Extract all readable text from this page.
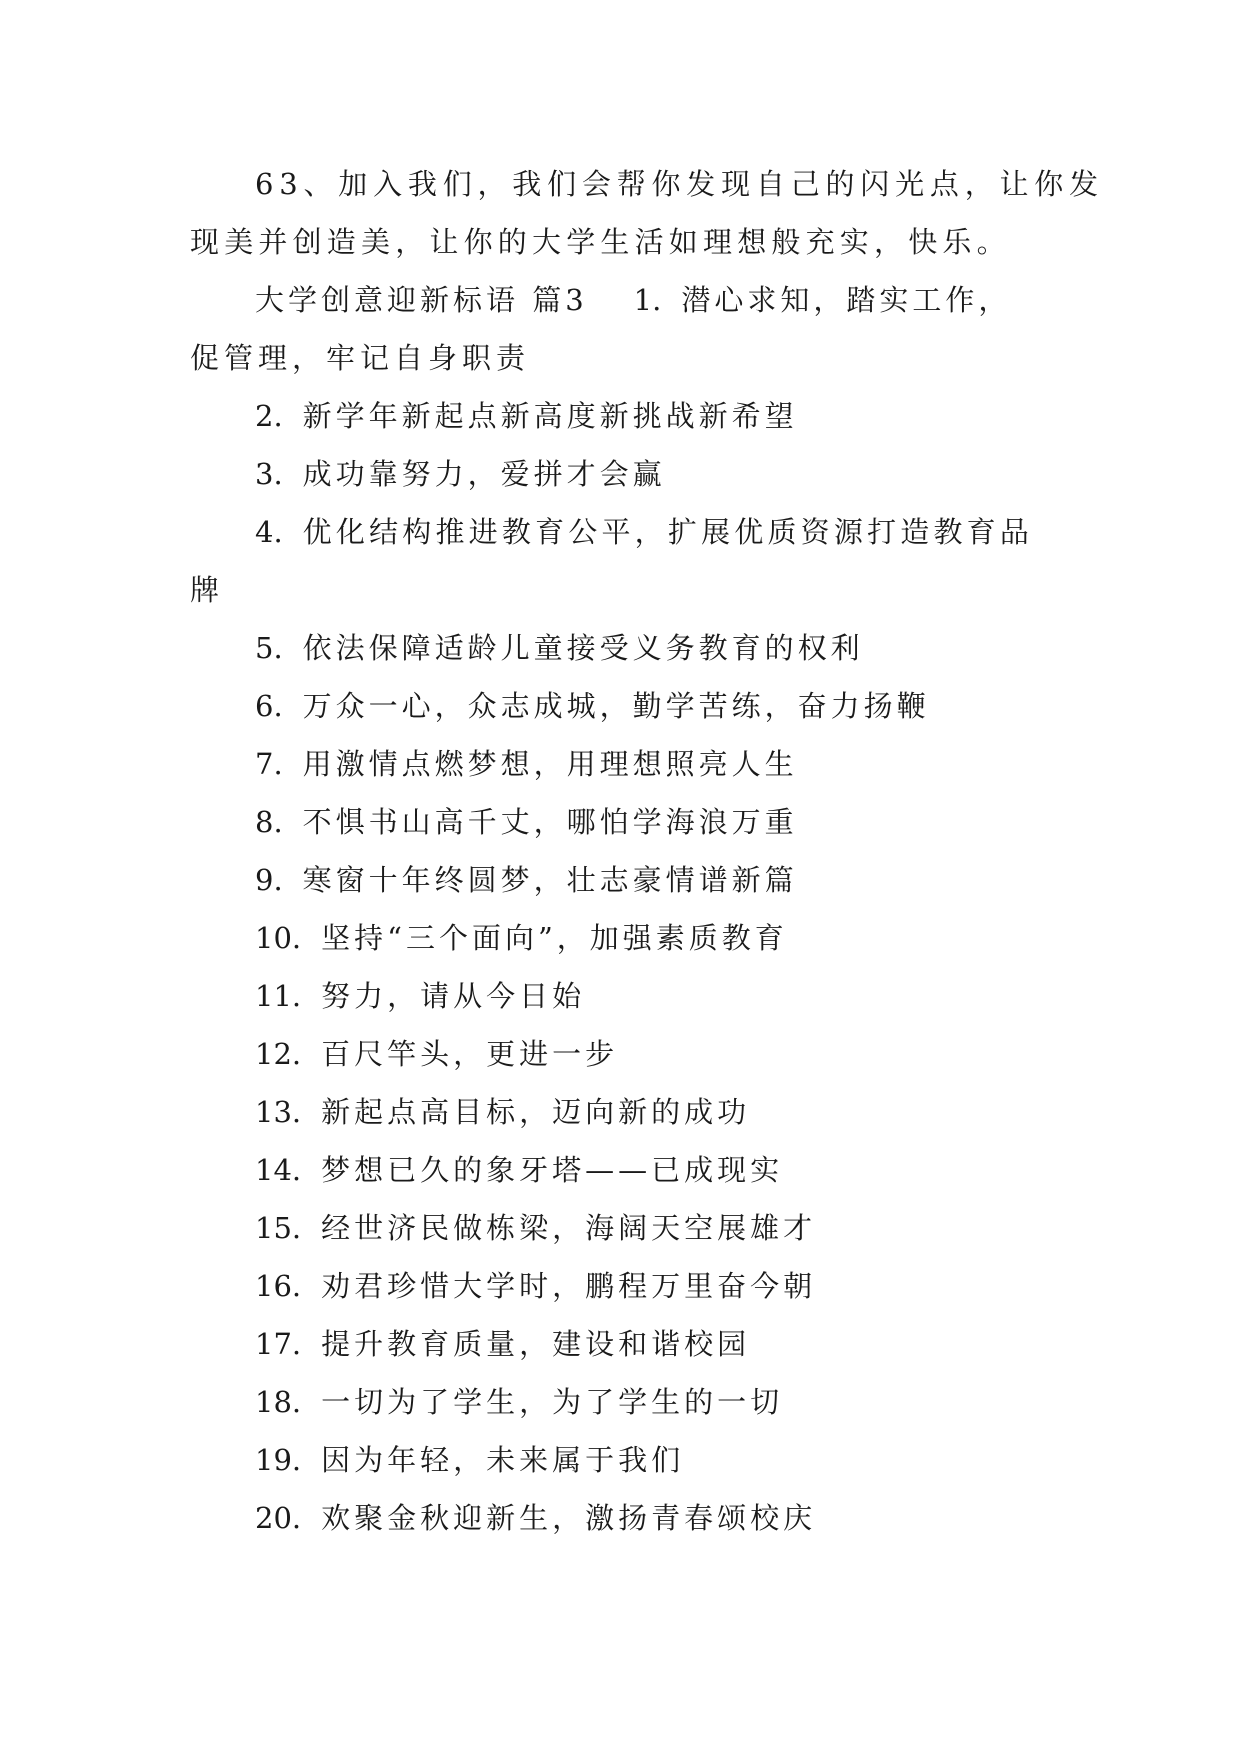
63、加入我们，我们会帮你发现自己的闪光点，让你发
现美并创造美，让你的大学生活如理想般充实，快乐。
大学创意迎新标语 篇3 1. 潜心求知，踏实工作，
促管理，牢记自身职责
2. 新学年新起点新高度新挑战新希望
3. 成功靠努力，爱拼才会赢
4. 优化结构推进教育公平，扩展优质资源打造教育品
牌
5. 依法保障适龄儿童接受义务教育的权利
6. 万众一心，众志成城，勤学苦练，奋力扬鞭
7. 用激情点燃梦想，用理想照亮人生
8. 不惧书山高千丈，哪怕学海浪万重
9. 寒窗十年终圆梦，壮志豪情谱新篇
10. 坚持“三个面向”，加强素质教育
11. 努力，请从今日始
12. 百尺竿头，更进一步
13. 新起点高目标，迈向新的成功
14. 梦想已久的象牙塔——已成现实
15. 经世济民做栋梁，海阔天空展雄才
16. 劝君珍惜大学时，鹏程万里奋今朝
17. 提升教育质量，建设和谐校园
18. 一切为了学生，为了学生的一切
19. 因为年轻，未来属于我们
20. 欢聚金秋迎新生，激扬青春颂校庆
